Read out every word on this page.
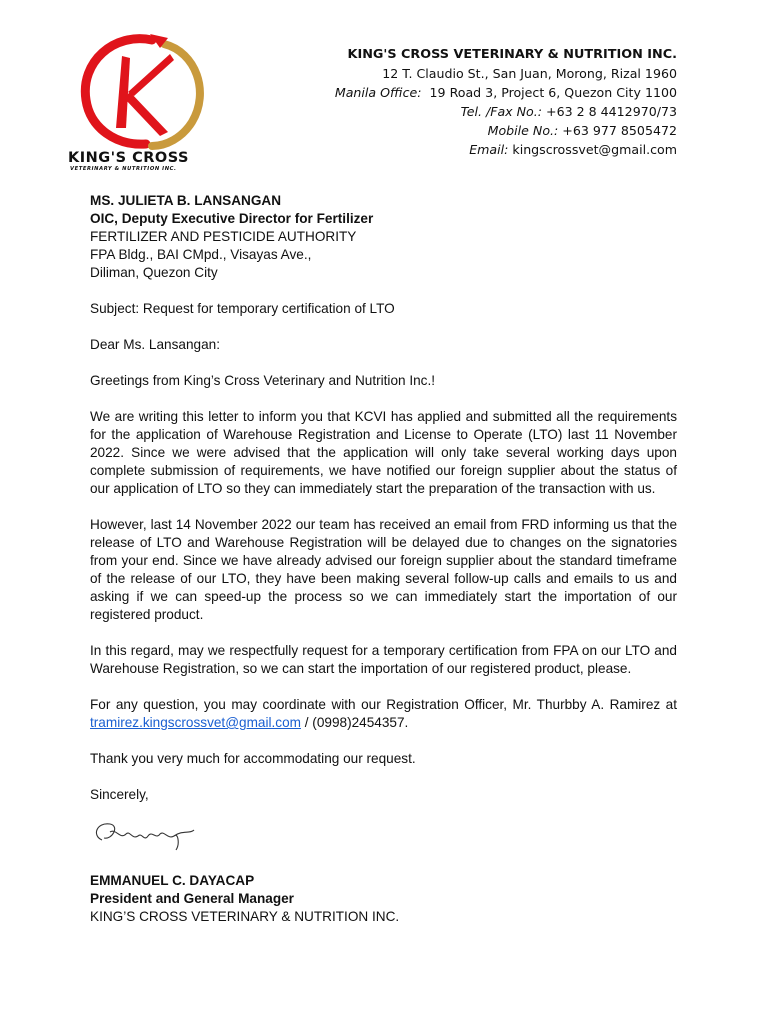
KING'S CROSS
VETERINARY & NUTRITION INC.
KING'S CROSS VETERINARY & NUTRITION INC.
12 T. Claudio St., San Juan, Morong, Rizal 1960
Manila Office: 19 Road 3, Project 6, Quezon City 1100
Tel. /Fax No.: +63 2 8 4412970/73
Mobile No.: +63 977 8505472
Email: kingscrossvet@gmail.com
MS. JULIETA B. LANSANGAN
OIC, Deputy Executive Director for Fertilizer
FERTILIZER AND PESTICIDE AUTHORITY
FPA Bldg., BAI CMpd., Visayas Ave.,
Diliman, Quezon City

Subject: Request for temporary certification of LTO

Dear Ms. Lansangan:

Greetings from King’s Cross Veterinary and Nutrition Inc.!

We are writing this letter to inform you that KCVI has applied and submitted all the requirements for the application of Warehouse Registration and License to Operate (LTO) last 11 November 2022. Since we were advised that the application will only take several working days upon complete submission of requirements, we have notified our foreign supplier about the status of our application of LTO so they can immediately start the preparation of the transaction with us.

However, last 14 November 2022 our team has received an email from FRD informing us that the release of LTO and Warehouse Registration will be delayed due to changes on the signatories from your end. Since we have already advised our foreign supplier about the standard timeframe of the release of our LTO, they have been making several follow-up calls and emails to us and asking if we can speed-up the process so we can immediately start the importation of our registered product.

In this regard, may we respectfully request for a temporary certification from FPA on our LTO and Warehouse Registration, so we can start the importation of our registered product, please.

For any question, you may coordinate with our Registration Officer, Mr. Thurbby A. Ramirez at tramirez.kingscrossvet@gmail.com / (0998)2454357.

Thank you very much for accommodating our request.

Sincerely,

EMMANUEL C. DAYACAP
President and General Manager
KING’S CROSS VETERINARY & NUTRITION INC.
